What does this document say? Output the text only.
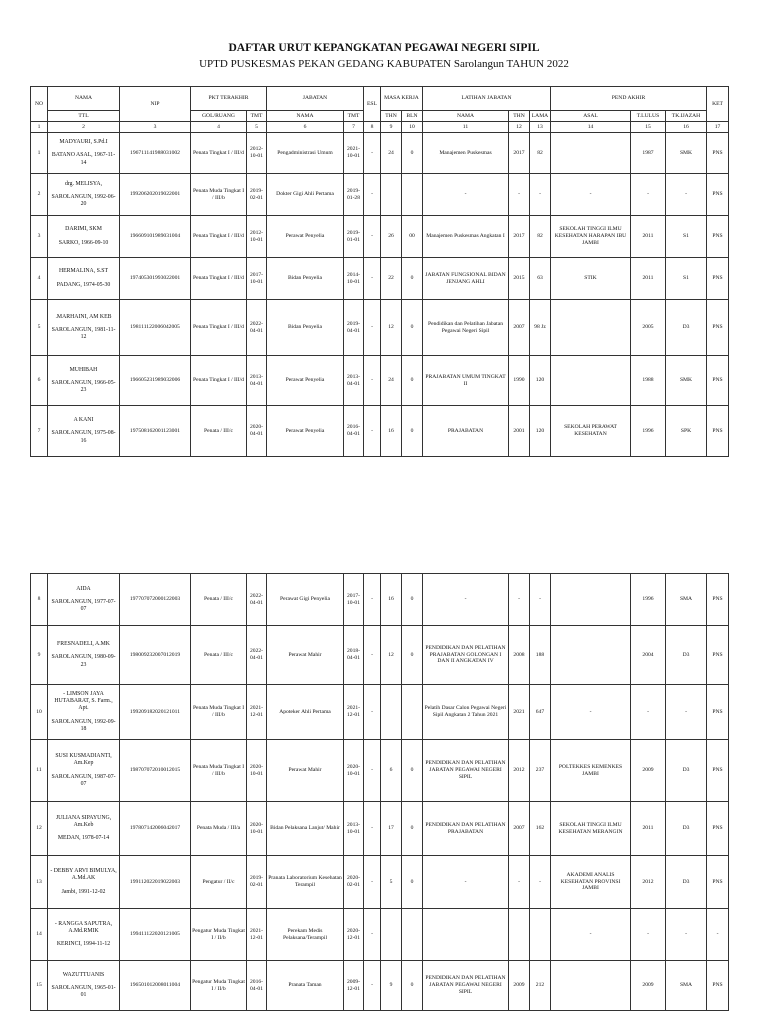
DAFTAR URUT KEPANGKATAN PEGAWAI NEGERI SIPIL
UPTD PUSKESMAS PEKAN GEDANG KABUPATEN Sarolangun TAHUN 2022
NO	NAMA	NIP	PKT TERAKHIR		JABATAN		ESL	MASA KERJA		LATIHAN JABATAN			PEND AKHIR			KET
	TTL		GOL/RUANG	TMT	NAMA	TMT		THN	BLN	NAMA	THN	LAMA	ASAL	T.LULUS	TK.IJAZAH	
1	2	3	4	5	6	7	8	9	10	11	12	13	14	15	16	17
1	MADYAURI, S.Pd.I
BATANO ASAL, 1967-11-14	196711141988031002	Penata Tingkat I / III/d	2012-10-01	Pengadministrasi Umum	2021-10-01	-	24	0	Manajemen Puskesmas	2017	82		1987	SMK	PNS
2	drg. MELISYA,
SAROLANGUN, 1992-06-20	199206202019022001	Penata Muda Tingkat I / III/b	2019-02-01	Dokter Gigi Ahli Pertama	2019-01-28	-			-	-	-	-	-	-	PNS
3	DARIMI, SKM
SARKO, 1966-09-10	196609101989031004	Penata Tingkat I / III/d	2012-10-01	Perawat Penyelia	2019-01-01	-	26	00	Manajemen Puskesmas Angkatan I	2017	82	SEKOLAH TINGGI ILMU KESEHATAN HARAPAN IBU JAMBI	2011	S1	PNS
4	HERMALINA, S.ST
PADANG, 1974-05-30	197405301993022001	Penata Tingkat I / III/d	2017-10-01	Bidan Penyelia	2014-10-01	-	22	0	JABATAN FUNGSIONAL BIDAN JENJANG AHLI	2015	63	STIK	2011	S1	PNS
5	.MARHAINI, AM KEB
SAROLANGUN, 1981-11-12	198111122006042005	Penata Tingkat I / III/d	2022-04-01	Bidan Penyelia	2019-04-01	-	12	0	Pendidikan dan Pelatihan Jabatan Pegawai Negeri Sipil	2007	98 Jz		2005	D3	PNS
6	MUHIBAH
SAROLANGUN, 1966-05-23	196605231989032006	Penata Tingkat I / III/d	2013-04-01	Perawat Penyelia	2013-04-01	-	24	0	PRAJABATAN UMUM TINGKAT II	1990	120		1988	SMK	PNS
7	A KANI
SAROLANGUN, 1975-08-16	197508162001123001	Penata / III/c	2020-04-01	Perawat Penyelia	2016-04-01	-	16	0	PRAJABATAN	2001	120	SEKOLAH PERAWAT KESEHATAN	1996	SPK	PNS
8	AIDA
SAROLANGUN, 1977-07-07	197707072000122003	Penata / III/c	2022-04-01	Perawat Gigi Penyelia	2017-10-01	-	16	0	-	-	-		1996	SMA	PNS
9	FRESNADELI, A.MK
SAROLANGUN, 1980-09-23	198009232007012019	Penata / III/c	2022-04-01	Perawat Mahir	2018-04-01	-	12	0	PENDIDIKAN DAN PELATIHAN PRAJABATAN GOLONGAN I DAN II ANGKATAN IV	2008	188		2004	D3	PNS
10	- LIMSON JAYA HUTABARAT, S. Farm., Apt.
SAROLANGUN, 1992-09-18	199209182020121011	Penata Muda Tingkat I / III/b	2021-12-01	Apoteker Ahli Pertama	2021-12-01	-			Pelatih Dasar Calon Pegawai Negeri Sipil Angkatan 2 Tahun 2021	2021	647	-	-	-	PNS
11	SUSI KUSMADIANTI, Am.Kep
SAROLANGUN, 1987-07-07	198707072010012015	Penata Muda Tingkat I / III/b	2020-10-01	Perawat Mahir	2020-10-01	-	6	0	PENDIDIKAN DAN PELATIHAN JABATAN PEGAWAI NEGERI SIPIL	2012	237	POLTEKKES KEMENKES JAMBI	2009	D3	PNS
12	JULIANA SIPAYUNG, Am.Keb
MEDAN, 1978-07-14	197807142006042017	Penata Muda / III/a	2020-10-01	Bidan Pelaksana Lanjut/ Mahir	2013-10-01	-	17	0	PENDIDIKAN DAN PELATIHAN PRAJABATAN	2007	162	SEKOLAH TINGGI ILMU KESEHATAN MERANGIN	2011	D3	PNS
13	- DEBBY ARVI BIMULYA, A.Md.AK
Jambi, 1991-12-02	199112022019022003	Pengatur / II/c	2019-02-01	Pranata Laboratorium Kesehatan Terampil	2020-02-01	-	5	0	-	-	-	AKADEMI ANALIS KESEHATAN PROVINSI JAMBI	2012	D3	PNS
14	- RANGGA SAPUTRA, A.Md.RMIK
KERINCI, 1994-11-12	199411122020121005	Pengatur Muda Tingkat I / II/b	2021-12-01	Perekam Medis Pelaksana/Terampil	2020-12-01	-						-	-	-	-
15	WAZUTTUANIS
SAROLANGUN, 1965-01-01	196501012008011004	Pengatur Muda Tingkat I / II/b	2016-04-01	Pranata Taman	2009-12-01	-	9	0	PENDIDIKAN DAN PELATIHAN JABATAN PEGAWAI NEGERI SIPIL	2009	212		2009	SMA	PNS
